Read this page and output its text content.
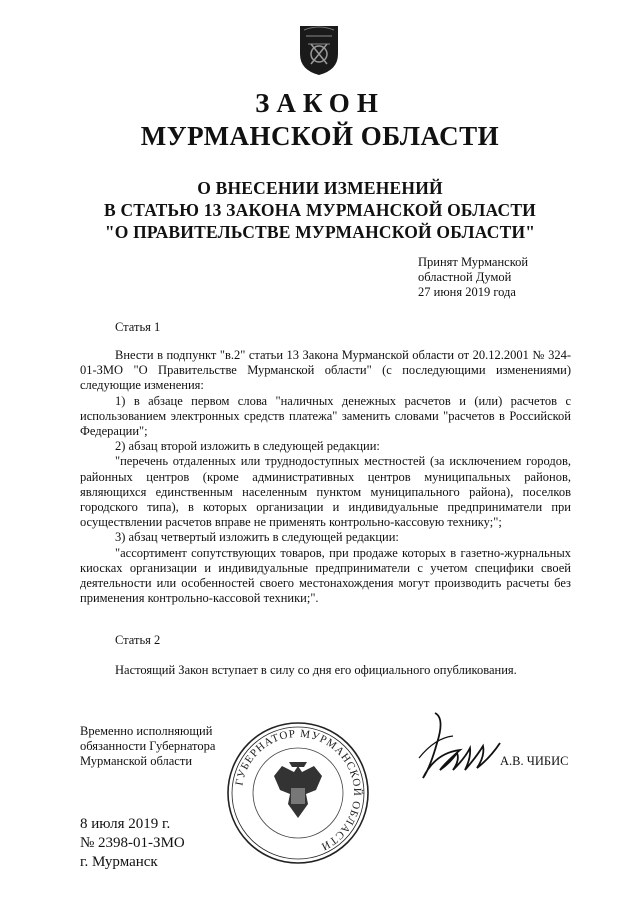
ЗАКОН
МУРМАНСКОЙ ОБЛАСТИ
О ВНЕСЕНИИ ИЗМЕНЕНИЙ
В СТАТЬЮ 13 ЗАКОНА МУРМАНСКОЙ ОБЛАСТИ
"О ПРАВИТЕЛЬСТВЕ МУРМАНСКОЙ ОБЛАСТИ"
Принят Мурманской
областной Думой
27 июня 2019 года
Статья 1

Внести в подпункт "в.2" статьи 13 Закона Мурманской области от 20.12.2001 № 324-01-ЗМО "О Правительстве Мурманской области" (с последующими изменениями) следующие изменения:

1) в абзаце первом слова "наличных денежных расчетов и (или) расчетов с использованием электронных средств платежа" заменить словами "расчетов в Российской Федерации";

2) абзац второй изложить в следующей редакции:

"перечень отдаленных или труднодоступных местностей (за исключением городов, районных центров (кроме административных центров муниципальных районов, являющихся единственным населенным пунктом муниципального района), поселков городского типа), в которых организации и индивидуальные предприниматели при осуществлении расчетов вправе не применять контрольно-кассовую технику;";

3) абзац четвертый изложить в следующей редакции:

"ассортимент сопутствующих товаров, при продаже которых в газетно-журнальных киосках организации и индивидуальные предприниматели с учетом специфики своей деятельности или особенностей своего местонахождения могут производить расчеты без применения контрольно-кассовой техники;".

Статья 2
Настоящий Закон вступает в силу со дня его официального опубликования.
Временно исполняющий
обязанности Губернатора
Мурманской области
ГУБЕРНАТОР МУРМАНСКОЙ ОБЛАСТИ
А.В. ЧИБИС
8 июля 2019 г.
№ 2398-01-ЗМО
г. Мурманск
